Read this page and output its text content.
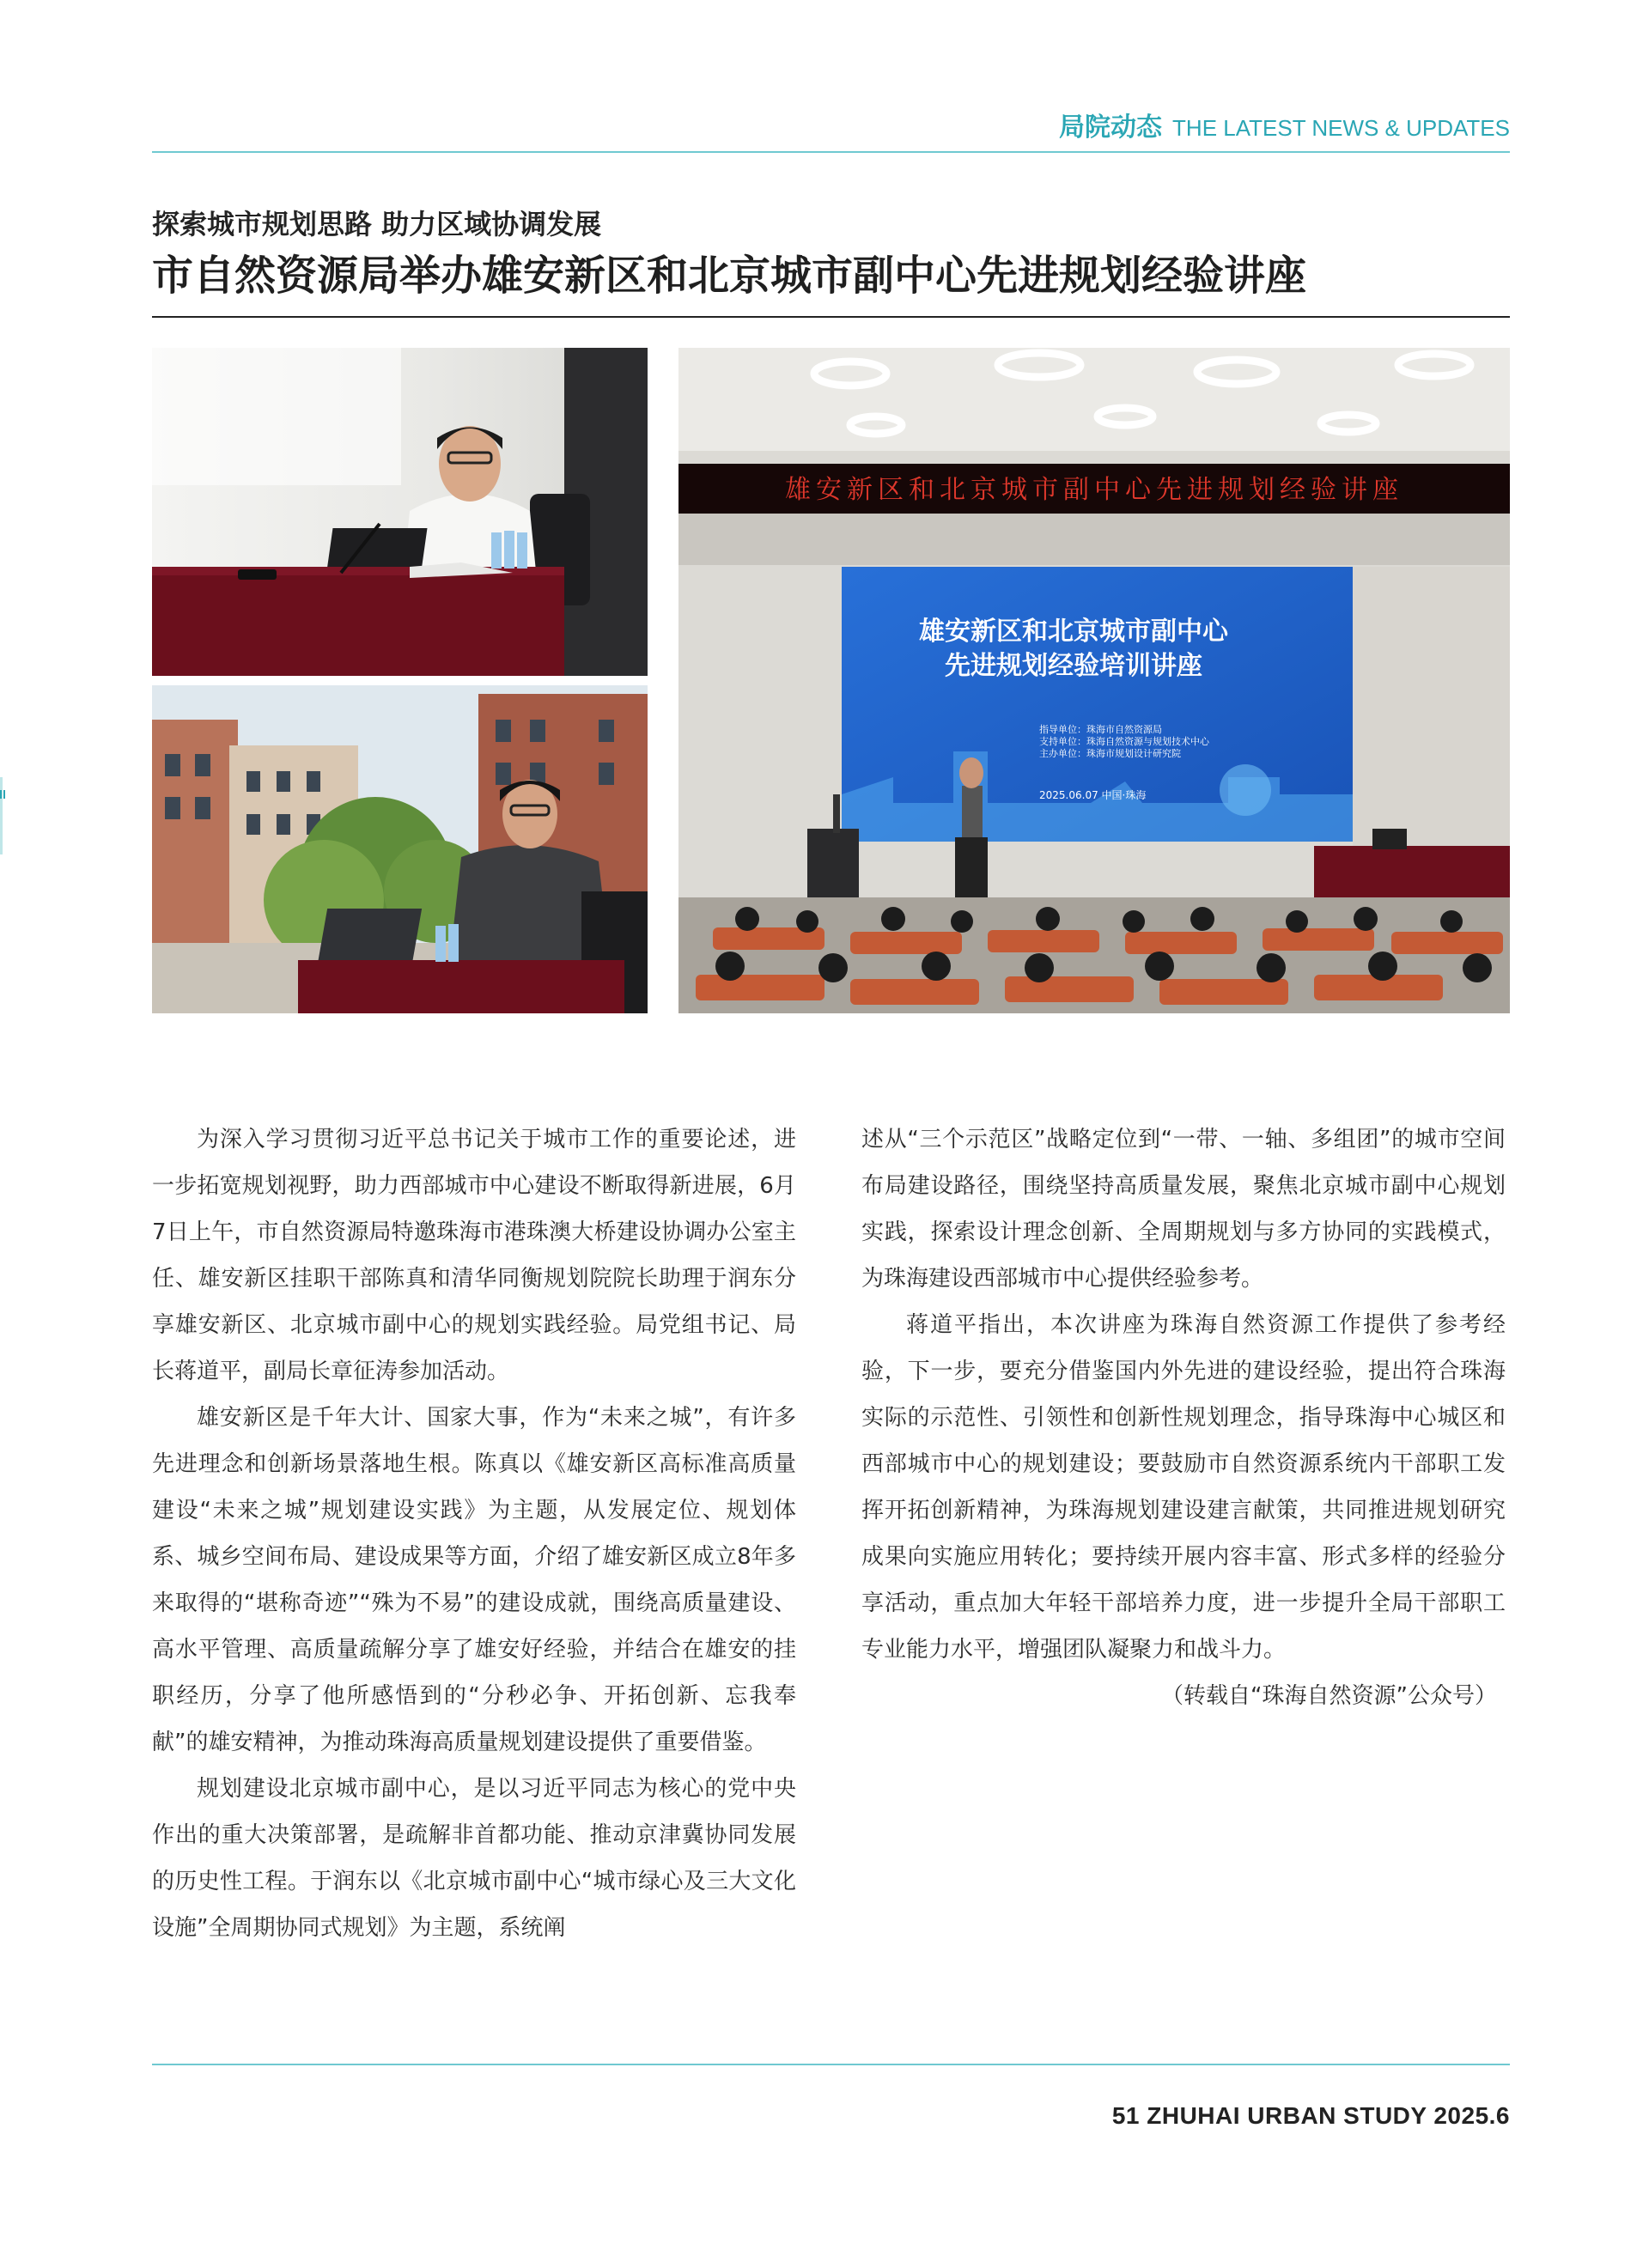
局院动态 THE LATEST NEWS & UPDATES
探索城市规划思路 助力区域协调发展
市自然资源局举办雄安新区和北京城市副中心先进规划经验讲座
雄安新区和北京城市副中心先进规划经验讲座
雄安新区和北京城市副中心
先进规划经验培训讲座
指导单位：珠海市自然资源局
支持单位：珠海自然资源与规划技术中心
主办单位：珠海市规划设计研究院
2025.06.07 中国·珠海

为深入学习贯彻习近平总书记关于城市工作的重要论述，进一步拓宽规划视野，助力西部城市中心建设不断取得新进展，6月7日上午，市自然资源局特邀珠海市港珠澳大桥建设协调办公室主任、雄安新区挂职干部陈真和清华同衡规划院院长助理于润东分享雄安新区、北京城市副中心的规划实践经验。局党组书记、局长蒋道平，副局长章征涛参加活动。

雄安新区是千年大计、国家大事，作为“未来之城”，有许多先进理念和创新场景落地生根。陈真以《雄安新区高标准高质量建设“未来之城”规划建设实践》为主题，从发展定位、规划体系、城乡空间布局、建设成果等方面，介绍了雄安新区成立8年多来取得的“堪称奇迹”“殊为不易”的建设成就，围绕高质量建设、高水平管理、高质量疏解分享了雄安好经验，并结合在雄安的挂职经历，分享了他所感悟到的“分秒必争、开拓创新、忘我奉献”的雄安精神，为推动珠海高质量规划建设提供了重要借鉴。

规划建设北京城市副中心，是以习近平同志为核心的党中央作出的重大决策部署，是疏解非首都功能、推动京津冀协同发展的历史性工程。于润东以《北京城市副中心“城市绿心及三大文化设施”全周期协同式规划》为主题，系统阐

述从“三个示范区”战略定位到“一带、一轴、多组团”的城市空间布局建设路径，围绕坚持高质量发展，聚焦北京城市副中心规划实践，探索设计理念创新、全周期规划与多方协同的实践模式，为珠海建设西部城市中心提供经验参考。

蒋道平指出，本次讲座为珠海自然资源工作提供了参考经验，下一步，要充分借鉴国内外先进的建设经验，提出符合珠海实际的示范性、引领性和创新性规划理念，指导珠海中心城区和西部城市中心的规划建设；要鼓励市自然资源系统内干部职工发挥开拓创新精神，为珠海规划建设建言献策，共同推进规划研究成果向实施应用转化；要持续开展内容丰富、形式多样的经验分享活动，重点加大年轻干部培养力度，进一步提升全局干部职工专业能力水平，增强团队凝聚力和战斗力。

（转载自“珠海自然资源”公众号）

51 ZHUHAI URBAN STUDY 2025.6
